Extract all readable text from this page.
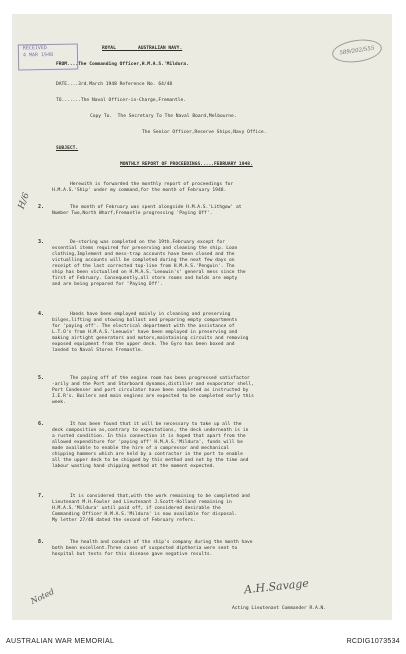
RECEIVED
4 MAR 1948	589/202/555
ROYAL        AUSTRALIAN NAVY.
FROM....The Commanding Officer,H.M.A.S.'Mildura.
DATE....3rd.March 1948 Reference No. 64/48
TO.......The Naval Officer-in-Charge,Fremantle.
Copy To.  The Secretary To The Naval Board,Melbourne.
The Senior Officer,Reserve Ships,Navy Office.
SUBJECT.
MONTHLY REPORT OF PROCEEDINGS.....FEBRUARY 1948.
Herewith is forwarded the monthly report of proceedings for
H.M.A.S.'Ship' under my command,for the month of February 1948.
2.	The month of February was spent alongside H.M.A.S.'Lithgow' at
Number Two,North Wharf,Fremantle progressing 'Paying Off'.
3.	De-storing was completed on the 19th.February except for
essential items required for preserving and cleaning the ship. Loan
clothing,Implement and mess-trap accounts have been closed and the
victualling accounts will be completed during the next few days on
receipt of the last corrected top-line from H.M.A.S.'Penguin'. The
ship has been victualled on H.M.A.S.'Leeuwin's' general mess since the
first of February. Consequently,all store rooms and holds are empty
and are being prepared for 'Paying Off'.
4.	Hands have been employed mainly in cleaning and preserving
bilges,lifting and stowing ballast and preparing empty compartments
for 'paying off'. The electrical department with the assistance of
L.T.O's from H.M.A.S.'Leeuwin' have been employed in preserving and
making airtight generators and motors,maintaining circuits and removing
exposed equipment from the upper deck. The Gyro has been boxed and
landed to Naval Stores Fremantle.
5.	The paying off of the engine room has been progressed satisfactor
-arily and the Port and Starboard dynamos,distiller and evaporator shell,
Port Condenser and port circulator have been completed as instructed by
I.E.R's. Boilers and main engines are expected to be completed early this
week.
6.	It has been found that it will be necessary to take up all the
deck composition as,contrary to expectations, the deck underneath is in
a rusted condition. In this connection it is hoped that apart from the
allowed expenditure for 'paying off' H.M.A.S.'Mildura', funds will be
made available to enable the hire of a compressor and mechanical
chipping hammers which are held by a contractor in the port to enable
all the upper deck to be chipped by this method and not by the time and
labour wasting hand chipping method at the moment expected.
7.	It is considered that,with the work remaining to be completed and
Lieutenant M.H.Fowler and Lieutenant J.Scott-Holland remaining in
H.M.A.S.'Mildura' until paid off, if considered desirable the
Commanding Officer H.M.A.S.'Mildura' is now available for disposal.
My letter 27/48 dated the second of February refers.
8.	The health and conduct of the ship's company during the month have
both been excellent.Three cases of suspected diptheria were sent to
hospital but tests for this disease gave negative results.
A.H.Savage
Acting Lieutenant Commander R.A.N.
H/6
Noted
AUSTRALIAN WAR MEMORIAL	RCDIG1073534
